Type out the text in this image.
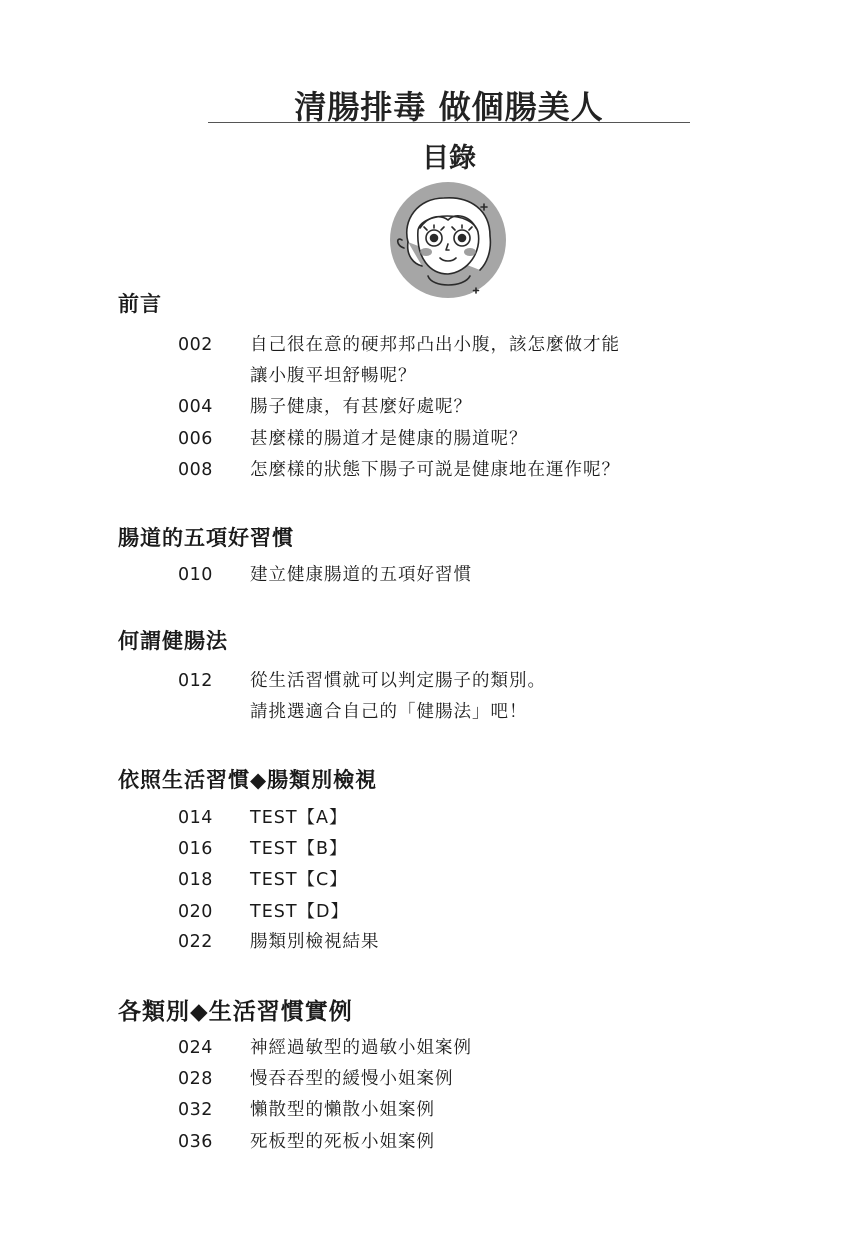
清腸排毒 做個腸美人
目錄
前言
002	自己很在意的硬邦邦凸出小腹，該怎麼做才能
讓小腹平坦舒暢呢？
004	腸子健康，有甚麼好處呢？
006	甚麼樣的腸道才是健康的腸道呢？
008	怎麼樣的狀態下腸子可説是健康地在運作呢？
腸道的五項好習慣
010	建立健康腸道的五項好習慣
何謂健腸法
012	從生活習慣就可以判定腸子的類別。
請挑選適合自己的「健腸法」吧！
依照生活習慣◆腸類別檢視
014	TEST【A】
016	TEST【B】
018	TEST【C】
020	TEST【D】
022	腸類別檢視結果
各類別◆生活習慣實例
024	神經過敏型的過敏小姐案例
028	慢吞吞型的緩慢小姐案例
032	懶散型的懶散小姐案例
036	死板型的死板小姐案例
